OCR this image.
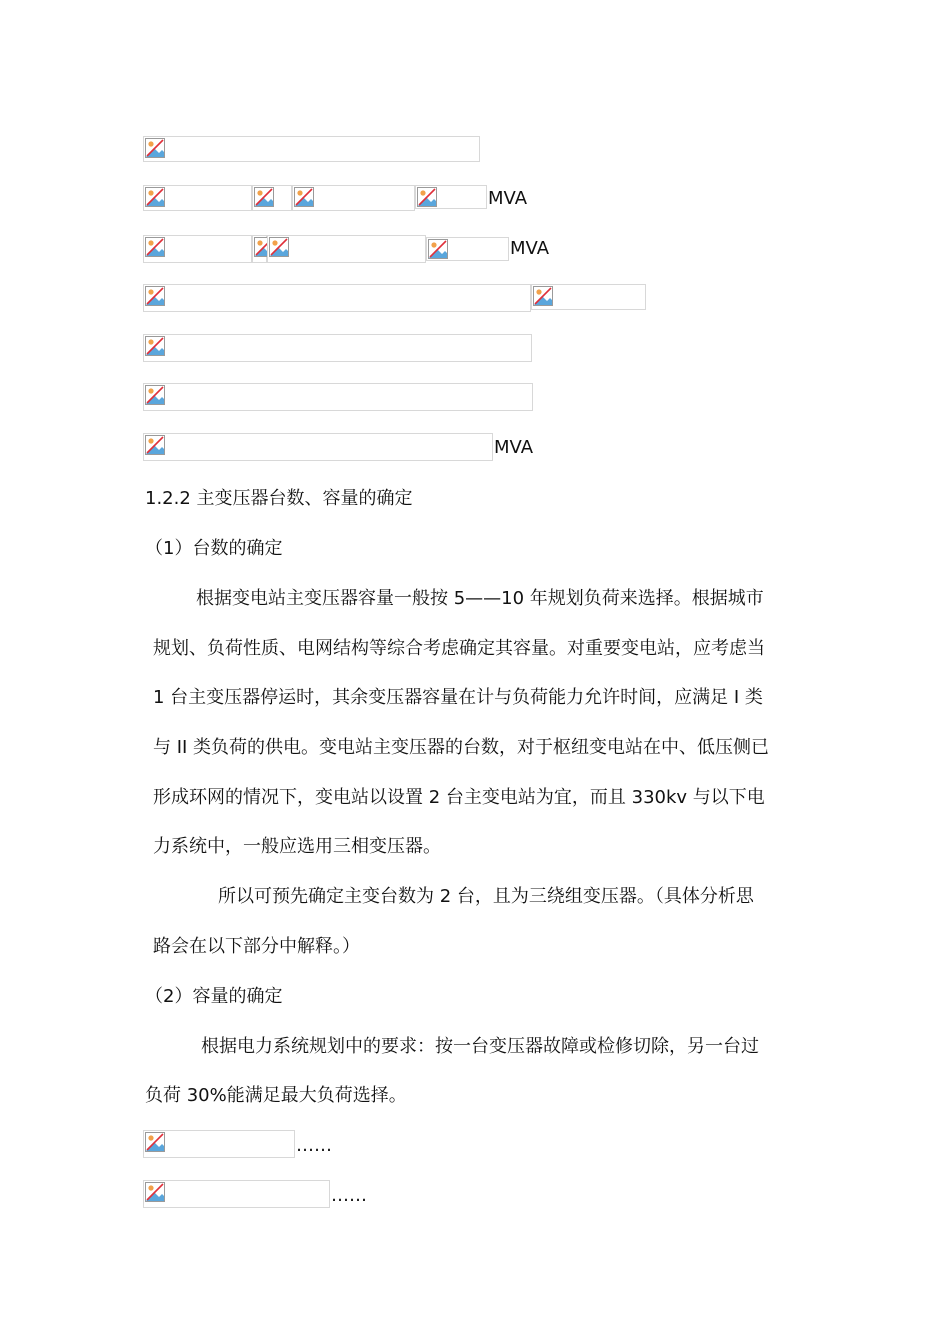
MVA
MVA
MVA
1.2.2 主变压器台数、容量的确定
（1）台数的确定
根据变电站主变压器容量一般按 5——10 年规划负荷来选择。根据城市
规划、负荷性质、电网结构等综合考虑确定其容量。对重要变电站，应考虑当
1 台主变压器停运时，其余变压器容量在计与负荷能力允许时间，应满足 I 类
与 II 类负荷的供电。变电站主变压器的台数，对于枢纽变电站在中、低压侧已
形成环网的情况下，变电站以设置 2 台主变电站为宜，而且 330kv 与以下电
力系统中，一般应选用三相变压器。
所以可预先确定主变台数为 2 台，且为三绕组变压器。（具体分析思
路会在以下部分中解释。）
（2）容量的确定
根据电力系统规划中的要求：按一台变压器故障或检修切除，另一台过
负荷 30%能满足最大负荷选择。
……
……
